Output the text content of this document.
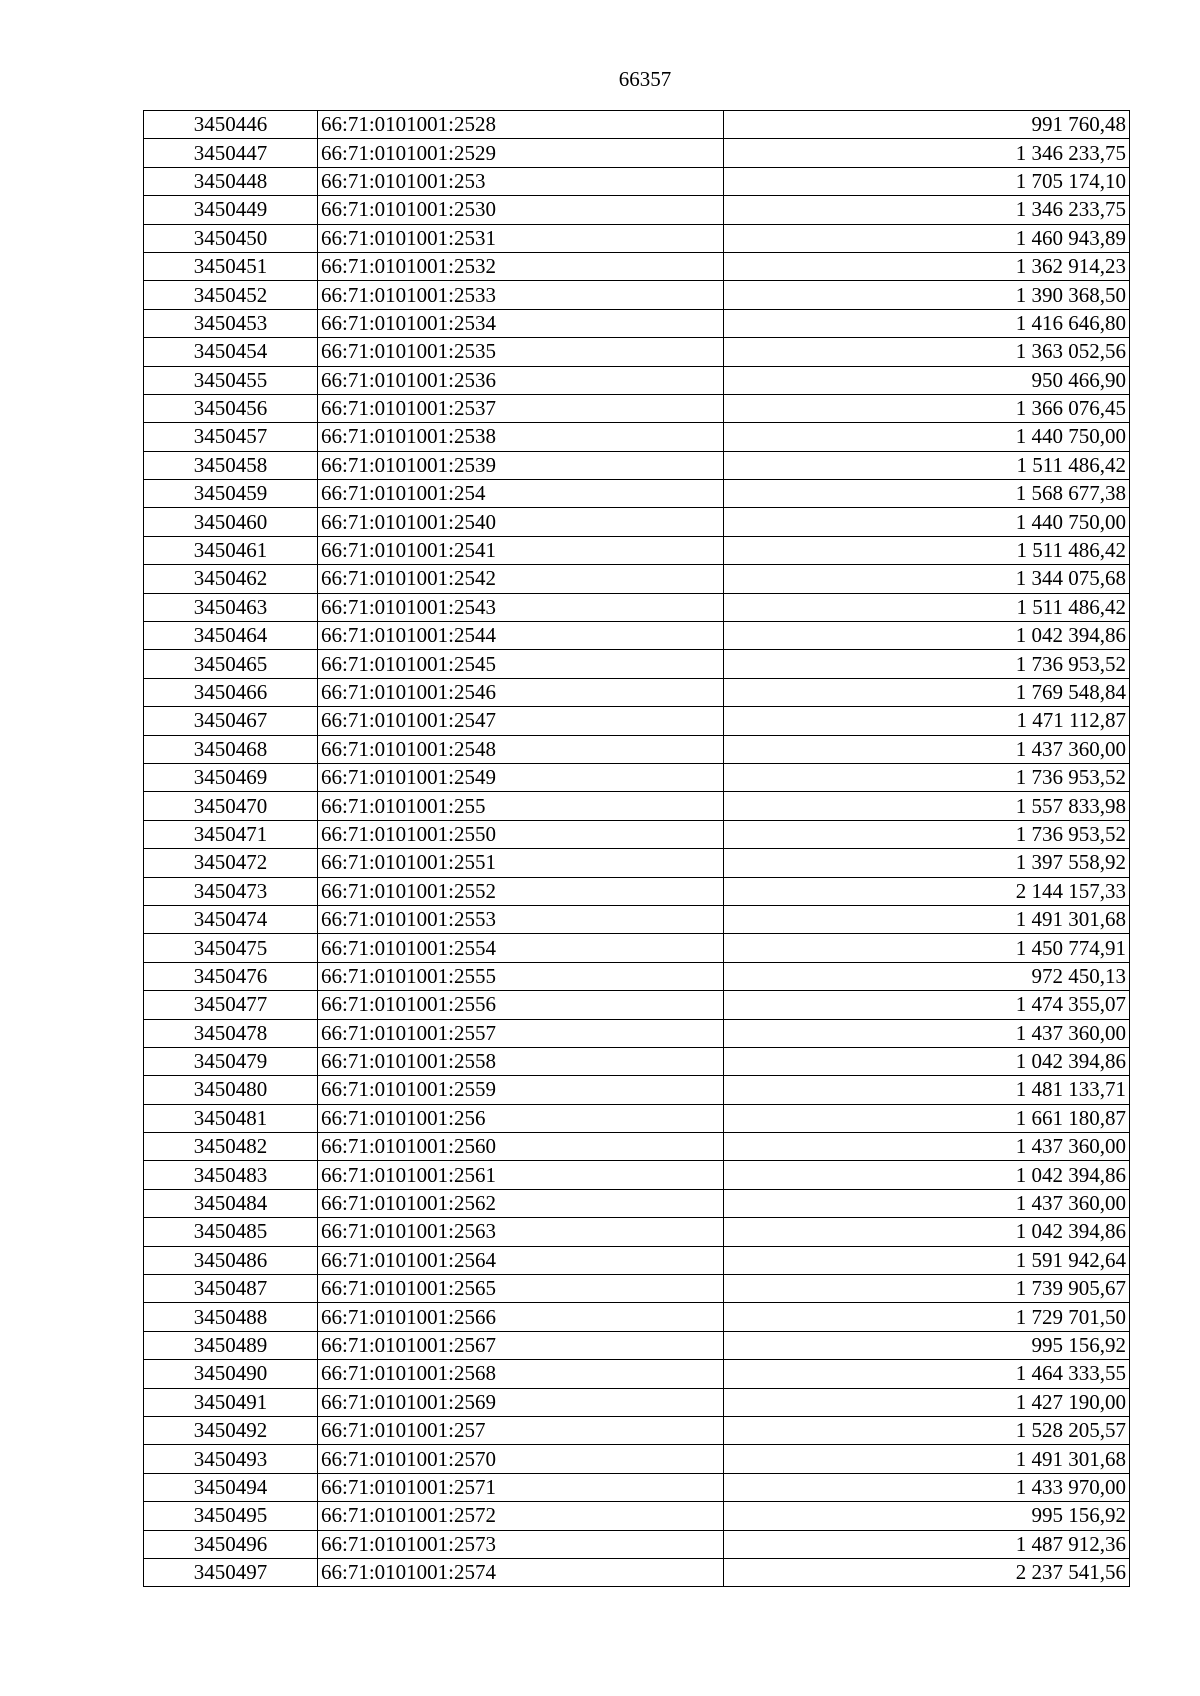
66357
3450446	66:71:0101001:2528	991 760,48
3450447	66:71:0101001:2529	1 346 233,75
3450448	66:71:0101001:253	1 705 174,10
3450449	66:71:0101001:2530	1 346 233,75
3450450	66:71:0101001:2531	1 460 943,89
3450451	66:71:0101001:2532	1 362 914,23
3450452	66:71:0101001:2533	1 390 368,50
3450453	66:71:0101001:2534	1 416 646,80
3450454	66:71:0101001:2535	1 363 052,56
3450455	66:71:0101001:2536	950 466,90
3450456	66:71:0101001:2537	1 366 076,45
3450457	66:71:0101001:2538	1 440 750,00
3450458	66:71:0101001:2539	1 511 486,42
3450459	66:71:0101001:254	1 568 677,38
3450460	66:71:0101001:2540	1 440 750,00
3450461	66:71:0101001:2541	1 511 486,42
3450462	66:71:0101001:2542	1 344 075,68
3450463	66:71:0101001:2543	1 511 486,42
3450464	66:71:0101001:2544	1 042 394,86
3450465	66:71:0101001:2545	1 736 953,52
3450466	66:71:0101001:2546	1 769 548,84
3450467	66:71:0101001:2547	1 471 112,87
3450468	66:71:0101001:2548	1 437 360,00
3450469	66:71:0101001:2549	1 736 953,52
3450470	66:71:0101001:255	1 557 833,98
3450471	66:71:0101001:2550	1 736 953,52
3450472	66:71:0101001:2551	1 397 558,92
3450473	66:71:0101001:2552	2 144 157,33
3450474	66:71:0101001:2553	1 491 301,68
3450475	66:71:0101001:2554	1 450 774,91
3450476	66:71:0101001:2555	972 450,13
3450477	66:71:0101001:2556	1 474 355,07
3450478	66:71:0101001:2557	1 437 360,00
3450479	66:71:0101001:2558	1 042 394,86
3450480	66:71:0101001:2559	1 481 133,71
3450481	66:71:0101001:256	1 661 180,87
3450482	66:71:0101001:2560	1 437 360,00
3450483	66:71:0101001:2561	1 042 394,86
3450484	66:71:0101001:2562	1 437 360,00
3450485	66:71:0101001:2563	1 042 394,86
3450486	66:71:0101001:2564	1 591 942,64
3450487	66:71:0101001:2565	1 739 905,67
3450488	66:71:0101001:2566	1 729 701,50
3450489	66:71:0101001:2567	995 156,92
3450490	66:71:0101001:2568	1 464 333,55
3450491	66:71:0101001:2569	1 427 190,00
3450492	66:71:0101001:257	1 528 205,57
3450493	66:71:0101001:2570	1 491 301,68
3450494	66:71:0101001:2571	1 433 970,00
3450495	66:71:0101001:2572	995 156,92
3450496	66:71:0101001:2573	1 487 912,36
3450497	66:71:0101001:2574	2 237 541,56
